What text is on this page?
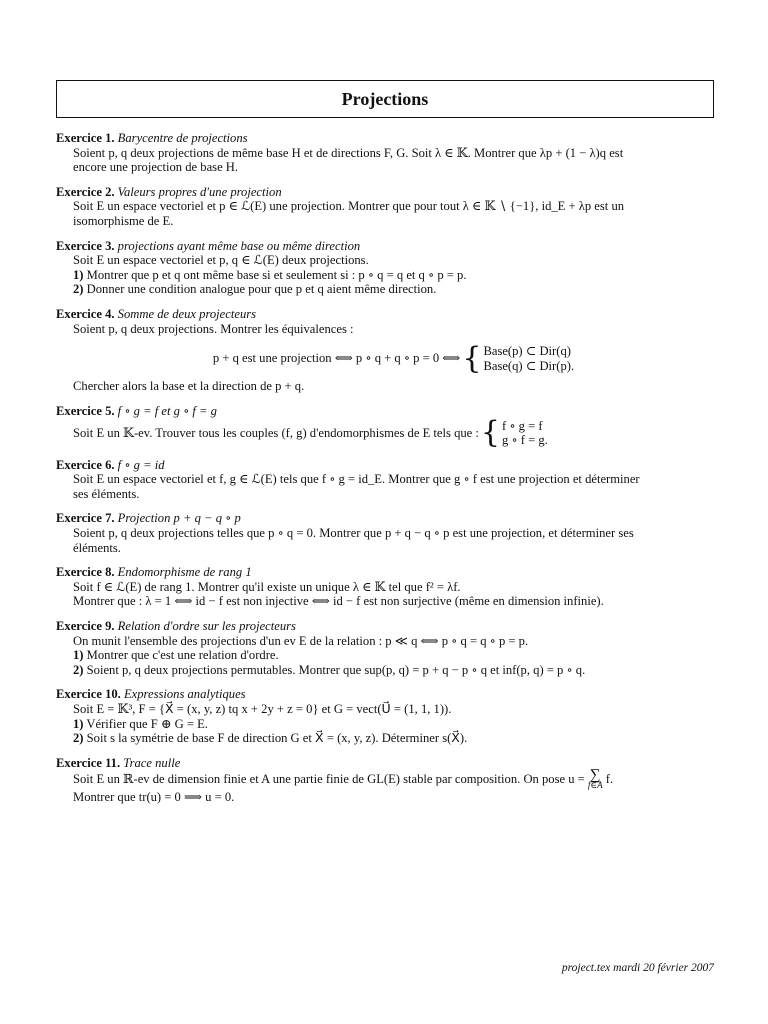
Projections
Exercice 1. Barycentre de projections
Soient p, q deux projections de même base H et de directions F, G. Soit λ ∈ 𝕂. Montrer que λp + (1 − λ)q est
encore une projection de base H.
Exercice 2. Valeurs propres d'une projection
Soit E un espace vectoriel et p ∈ ℒ(E) une projection. Montrer que pour tout λ ∈ 𝕂 ∖ {−1}, id_E + λp est un
isomorphisme de E.
Exercice 3. projections ayant même base ou même direction
Soit E un espace vectoriel et p, q ∈ ℒ(E) deux projections.
1) Montrer que p et q ont même base si et seulement si : p ∘ q = q et q ∘ p = p.
2) Donner une condition analogue pour que p et q aient même direction.
Exercice 4. Somme de deux projecteurs
Soient p, q deux projections. Montrer les équivalences :
p + q est une projection ⟺ p ∘ q + q ∘ p = 0 ⟺ { Base(p) ⊂ Dir(q)
Base(q) ⊂ Dir(p).
Chercher alors la base et la direction de p + q.
Exercice 5. f ∘ g = f et g ∘ f = g
Soit E un 𝕂-ev. Trouver tous les couples (f, g) d'endomorphismes de E tels que : { f ∘ g = f
g ∘ f = g.
Exercice 6. f ∘ g = id
Soit E un espace vectoriel et f, g ∈ ℒ(E) tels que f ∘ g = id_E. Montrer que g ∘ f est une projection et déterminer
ses éléments.
Exercice 7. Projection p + q − q ∘ p
Soient p, q deux projections telles que p ∘ q = 0. Montrer que p + q − q ∘ p est une projection, et déterminer ses
éléments.
Exercice 8. Endomorphisme de rang 1
Soit f ∈ ℒ(E) de rang 1. Montrer qu'il existe un unique λ ∈ 𝕂 tel que f² = λf.
Montrer que : λ = 1 ⟺ id − f est non injective ⟺ id − f est non surjective (même en dimension infinie).
Exercice 9. Relation d'ordre sur les projecteurs
On munit l'ensemble des projections d'un ev E de la relation : p ≪ q ⟺ p ∘ q = q ∘ p = p.
1) Montrer que c'est une relation d'ordre.
2) Soient p, q deux projections permutables. Montrer que sup(p, q) = p + q − p ∘ q et inf(p, q) = p ∘ q.
Exercice 10. Expressions analytiques
Soit E = 𝕂³, F = {X⃗ = (x, y, z) tq x + 2y + z = 0} et G = vect(U⃗ = (1, 1, 1)).
1) Vérifier que F ⊕ G = E.
2) Soit s la symétrie de base F de direction G et X⃗ = (x, y, z). Déterminer s(X⃗).
Exercice 11. Trace nulle
Soit E un ℝ-ev de dimension finie et A une partie finie de GL(E) stable par composition. On pose u = ∑
f∈A f.
Montrer que tr(u) = 0 ⟹ u = 0.
project.tex mardi 20 février 2007
